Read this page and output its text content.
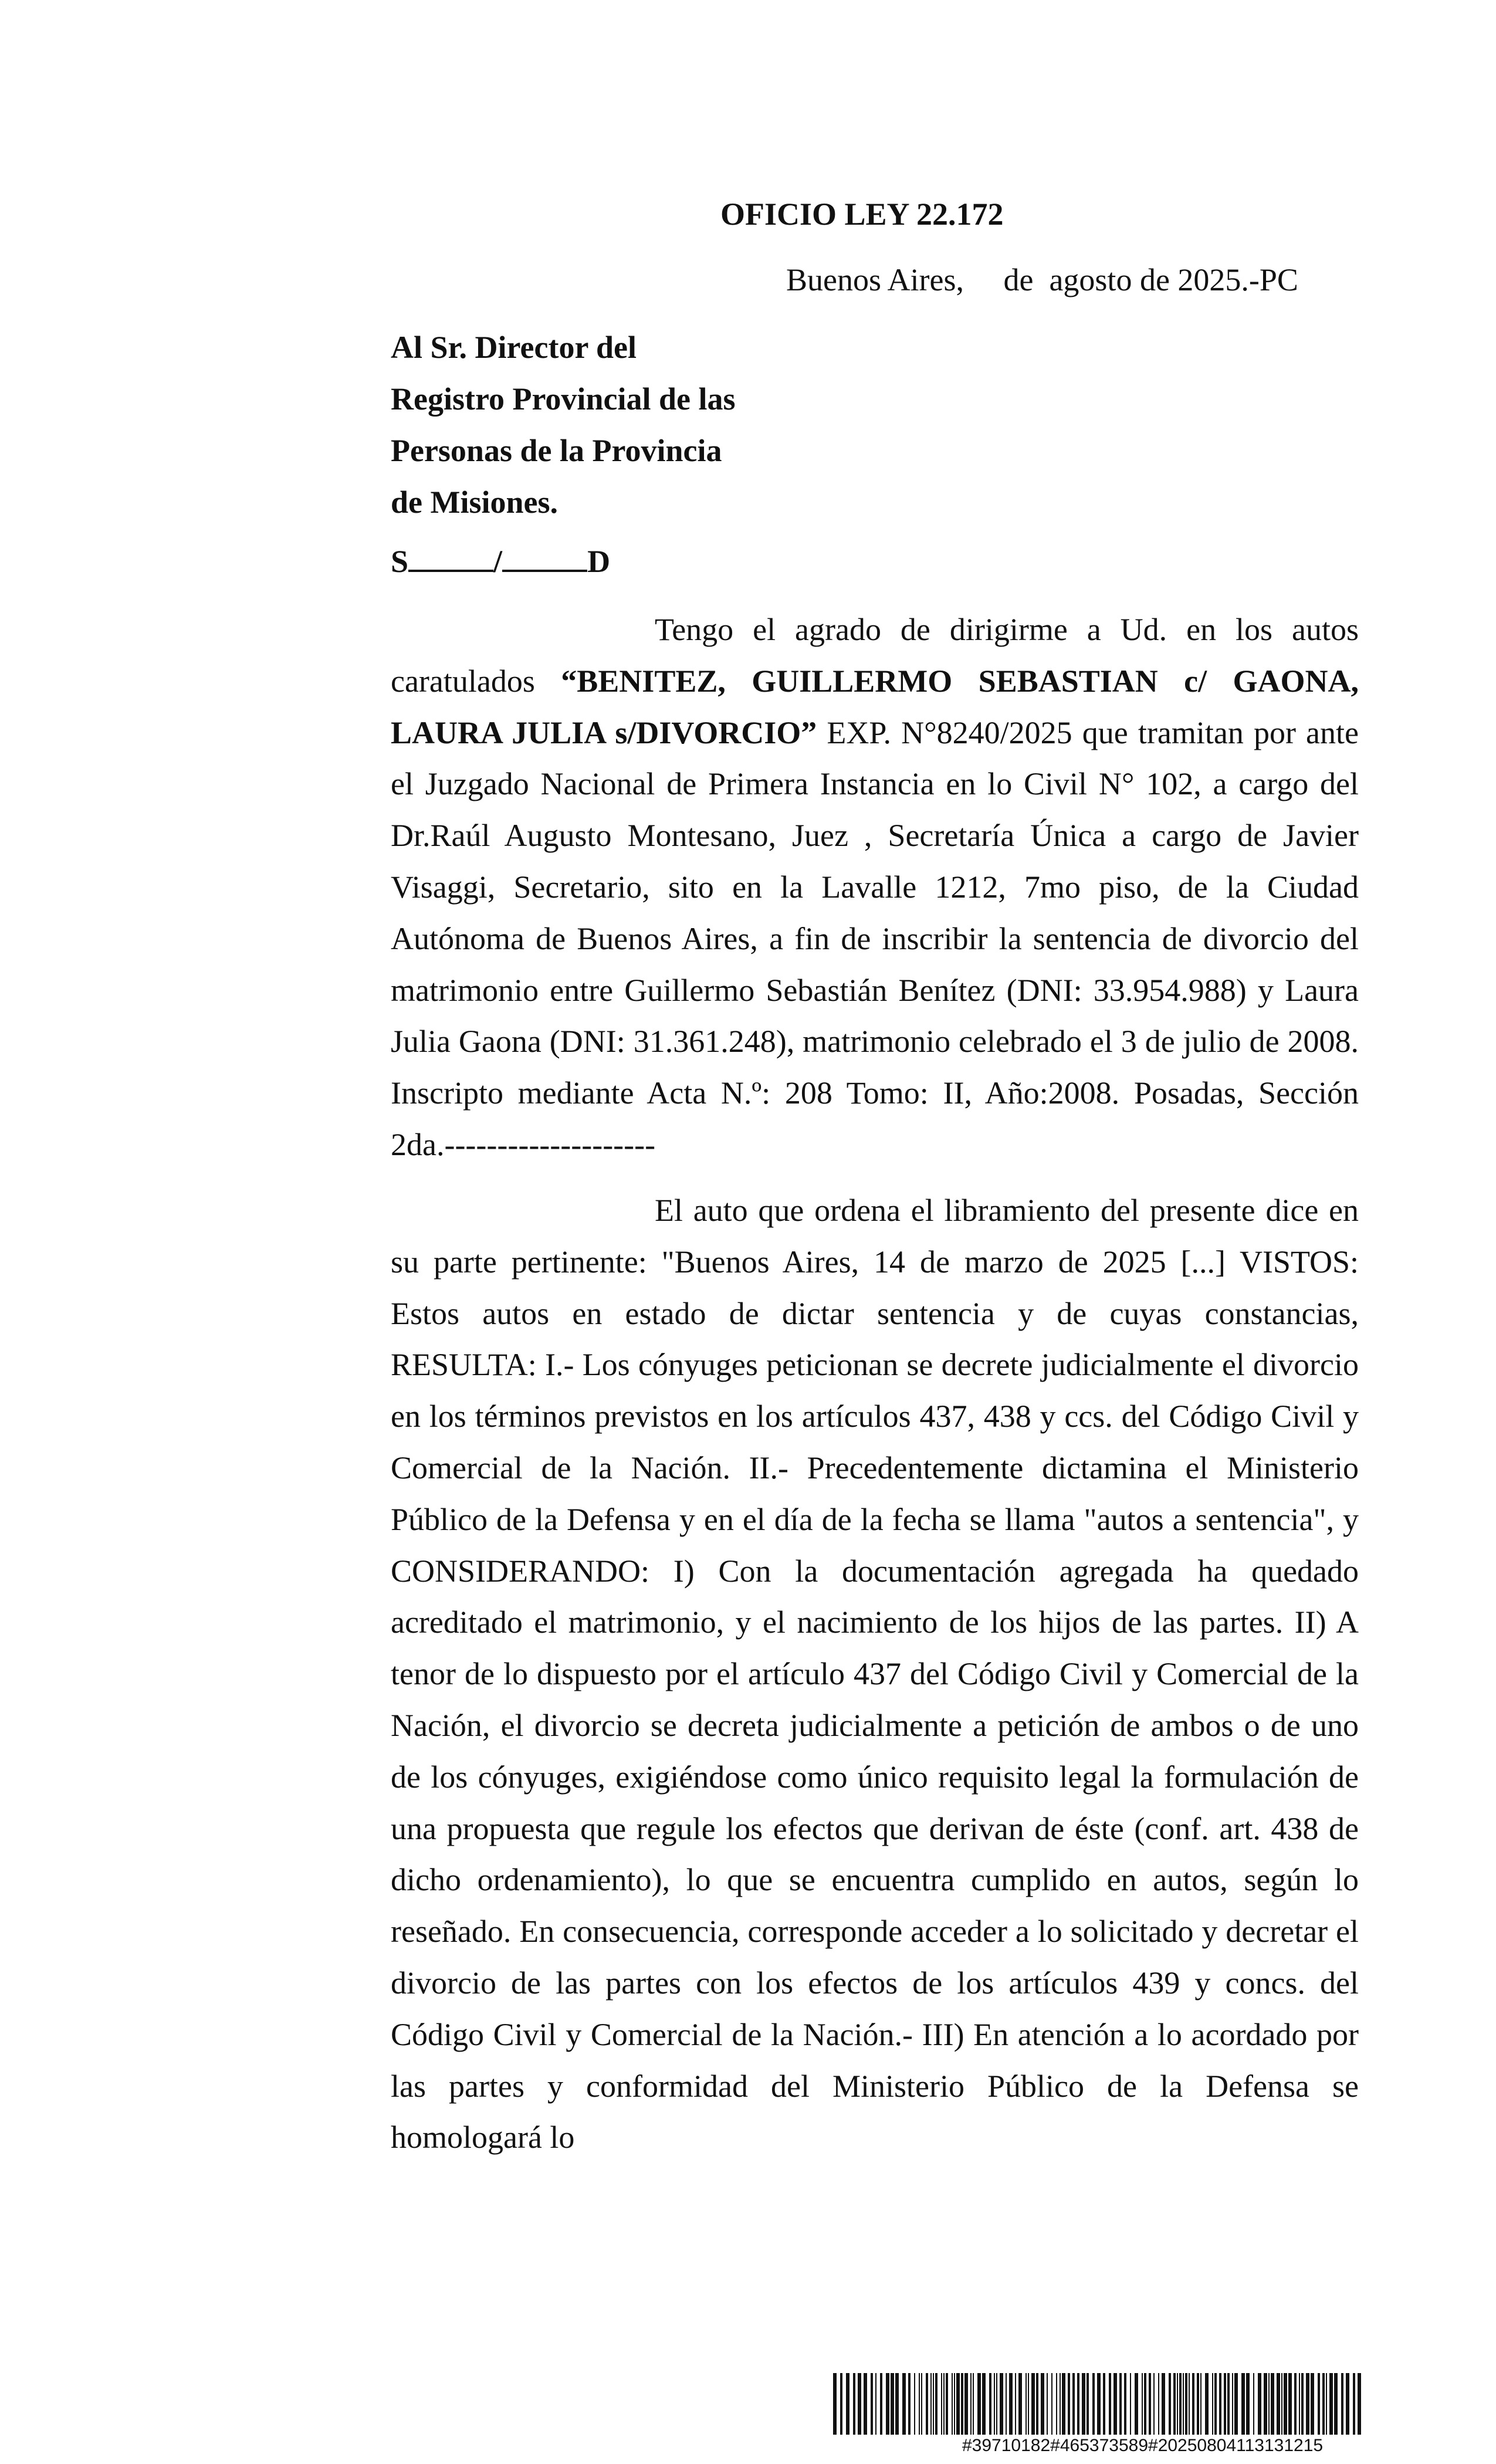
OFICIO LEY 22.172
Buenos Aires,     de  agosto de 2025.-PC
Al Sr. Director del
Registro Provincial de las
Personas de la Provincia
de Misiones.
S	/	D
Tengo el agrado de dirigirme a Ud. en los autos caratulados “BENITEZ, GUILLERMO SEBASTIAN c/ GAONA, LAURA JULIA s/DIVORCIO” EXP. N°8240/2025 que tramitan por ante el Juzgado Nacional de Primera Instancia en lo Civil N° 102, a cargo del Dr.Raúl Augusto Montesano, Juez , Secretaría Única a cargo de Javier Visaggi, Secretario, sito en la Lavalle 1212, 7mo piso, de la Ciudad Autónoma de Buenos Aires, a fin de inscribir la sentencia de divorcio del matrimonio entre Guillermo Sebastián Benítez (DNI: 33.954.988) y Laura Julia Gaona (DNI: 31.361.248), matrimonio celebrado el 3 de julio de 2008. Inscripto mediante Acta N.º: 208 Tomo: II, Año:2008. Posadas, Sección 2da.--------------------
El auto que ordena el libramiento del presente dice en su parte pertinente: "Buenos Aires, 14 de marzo de 2025 [...] VISTOS: Estos autos en estado de dictar sentencia y de cuyas constancias, RESULTA: I.- Los cónyuges peticionan se decrete judicialmente el divorcio en los términos previstos en los artículos 437, 438 y ccs. del Código Civil y Comercial de la Nación. II.- Precedentemente dictamina el Ministerio Público de la Defensa y en el día de la fecha se llama "autos a sentencia", y CONSIDERANDO: I) Con la documentación agregada ha quedado acreditado el matrimonio, y el nacimiento de los hijos de las partes. II) A tenor de lo dispuesto por el artículo 437 del Código Civil y Comercial de la Nación, el divorcio se decreta judicialmente a petición de ambos o de uno de los cónyuges, exigiéndose como único requisito legal la formulación de una propuesta que regule los efectos que derivan de éste (conf. art. 438 de dicho ordenamiento), lo que se encuentra cumplido en autos, según lo reseñado. En consecuencia, corresponde acceder a lo solicitado y decretar el divorcio de las partes con los efectos de los artículos 439 y concs. del Código Civil y Comercial de la Nación.- III) En atención a lo acordado por las partes y conformidad del Ministerio Público de la Defensa se homologará lo
#39710182#465373589#20250804113131215
